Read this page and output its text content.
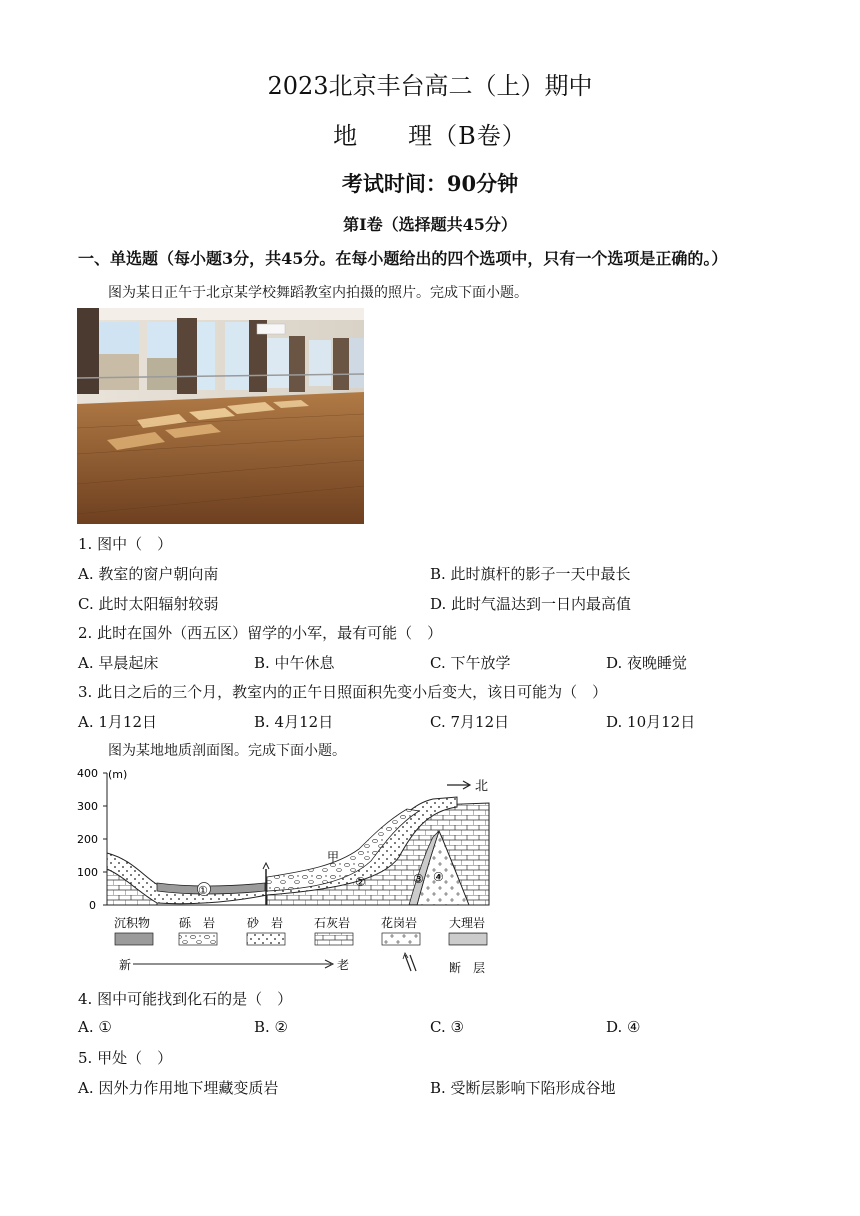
2023北京丰台高二（上）期中
地　　理（B卷）
考试时间：90分钟
第I卷（选择题共45分）
一、单选题（每小题3分，共45分。在每小题给出的四个选项中，只有一个选项是正确的。）
图为某日正午于北京某学校舞蹈教室内拍摄的照片。完成下面小题。
1. 图中（　）
A. 教室的窗户朝向南	B. 此时旗杆的影子一天中最长
C. 此时太阳辐射较弱	D. 此时气温达到一日内最高值
2. 此时在国外（西五区）留学的小军，最有可能（　）
A. 早晨起床	B. 中午休息	C. 下午放学	D. 夜晚睡觉
3. 此日之后的三个月，教室内的正午日照面积先变小后变大，该日可能为（　）
A. 1月12日	B. 4月12日	C. 7月12日	D. 10月12日
图为某地地质剖面图。完成下面小题。
400
300
200
100
0
(m)
北
甲
①
②	③ ④
沉积物 砾　岩	砂　岩	石灰岩	花岗岩	大理岩
新	老	断　层
4. 图中可能找到化石的是（　）
A. ①	B. ②	C. ③	D. ④
5. 甲处（　）
A. 因外力作用地下埋藏变质岩	B. 受断层影响下陷形成谷地
